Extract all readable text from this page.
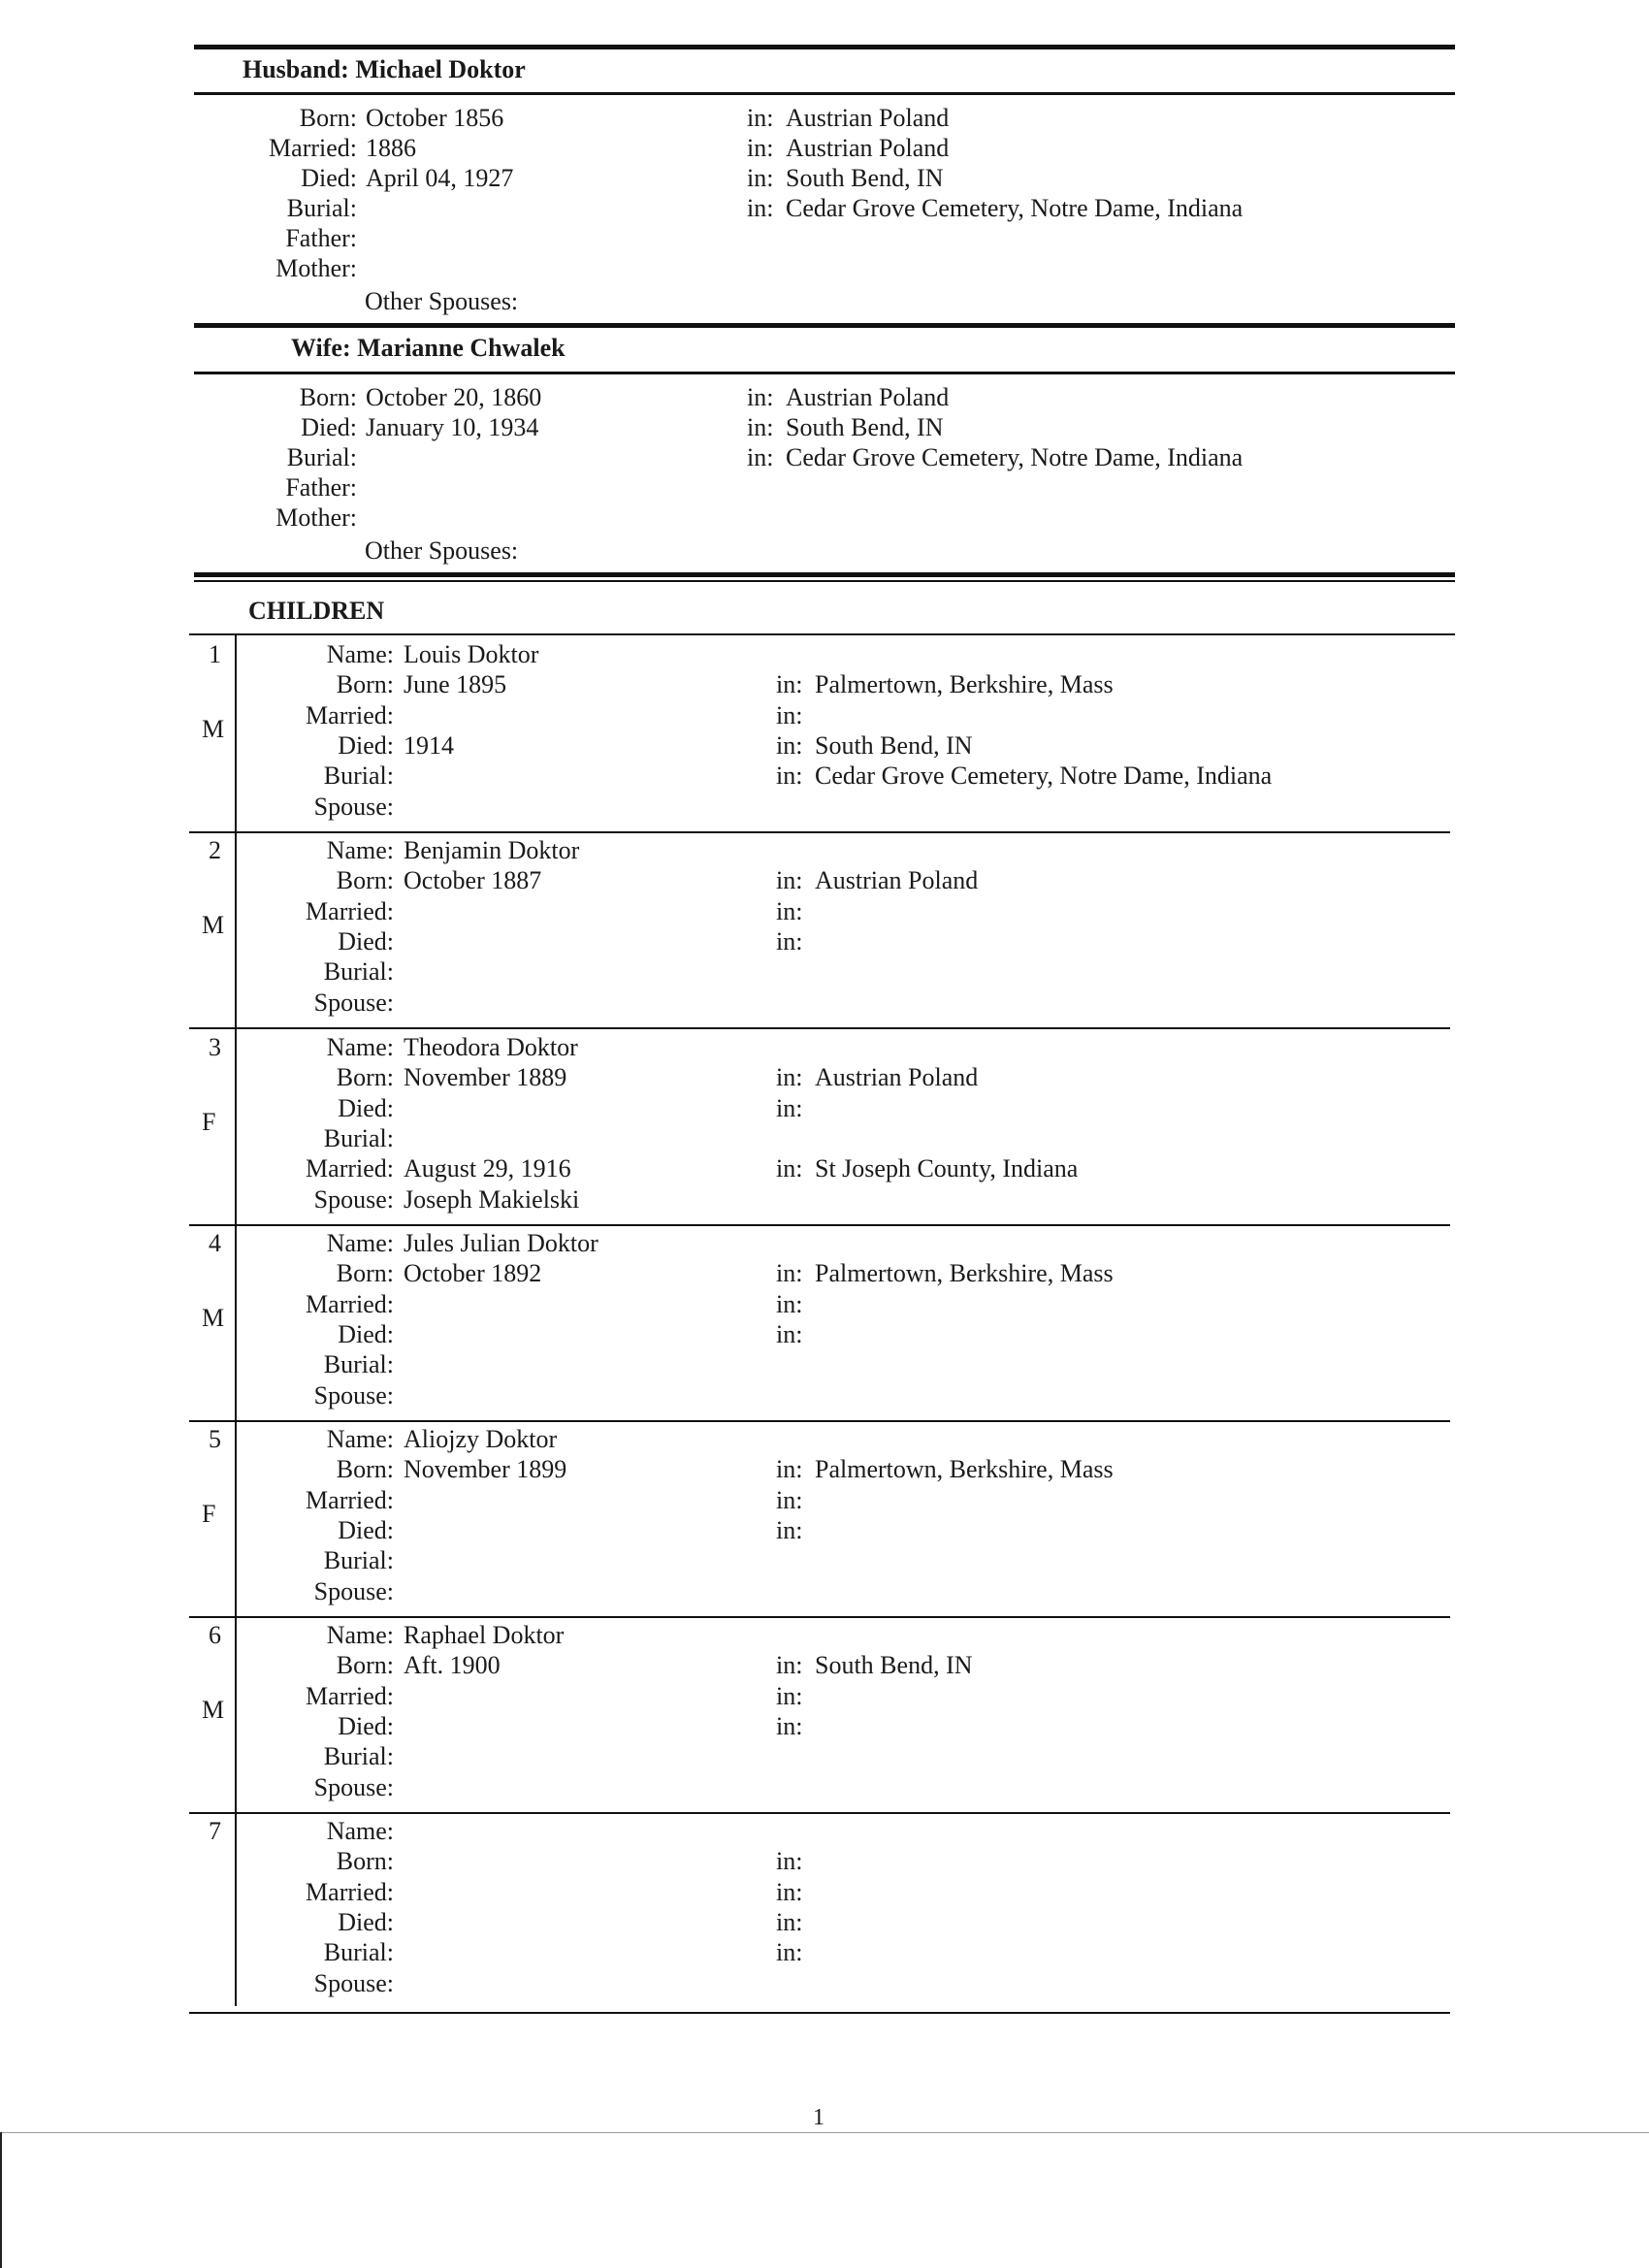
Husband: Michael Doktor
Born: October 1856	in: Austrian Poland
Married: 1886	in: Austrian Poland
Died: April 04, 1927	in: South Bend, IN
Burial:	in: Cedar Grove Cemetery, Notre Dame, Indiana
Father:
Mother:
Other Spouses:
Wife: Marianne Chwalek
Born: October 20, 1860	in: Austrian Poland
Died: January 10, 1934	in: South Bend, IN
Burial:	in: Cedar Grove Cemetery, Notre Dame, Indiana
Father:
Mother:
Other Spouses:
CHILDREN
1
M
Name: Louis Doktor
Born: June 1895	in: Palmertown, Berkshire, Mass
Married:	in:
Died: 1914	in: South Bend, IN
Burial:	in: Cedar Grove Cemetery, Notre Dame, Indiana
Spouse:
2
M
Name: Benjamin Doktor
Born: October 1887	in: Austrian Poland
Married:	in:
Died:	in:
Burial:
Spouse:
3
F
Name: Theodora Doktor
Born: November 1889	in: Austrian Poland
Died:	in:
Burial:
Married: August 29, 1916	in: St Joseph County, Indiana
Spouse: Joseph Makielski
4
M
Name: Jules Julian Doktor
Born: October 1892	in: Palmertown, Berkshire, Mass
Married:	in:
Died:	in:
Burial:
Spouse:
5
F
Name: Aliojzy Doktor
Born: November 1899	in: Palmertown, Berkshire, Mass
Married:	in:
Died:	in:
Burial:
Spouse:
6
M
Name: Raphael Doktor
Born: Aft. 1900	in: South Bend, IN
Married:	in:
Died:	in:
Burial:
Spouse:
7	Name:
Born:	in:
Married:	in:
Died:	in:
Burial:	in:
Spouse:
1
